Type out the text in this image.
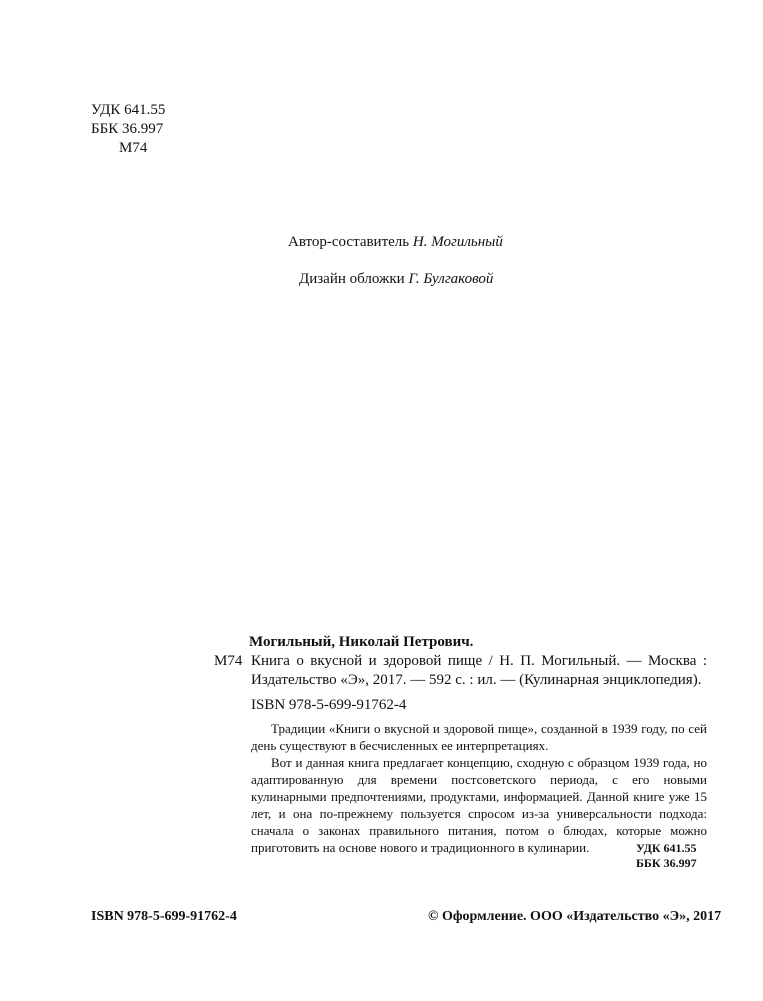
УДК 641.55
ББК 36.997
М74
Автор-составитель Н. Могильный
Дизайн обложки Г. Булгаковой
Могильный, Николай Петрович.
М74 Книга о вкусной и здоровой пище / Н. П. Могильный. — Москва : Издательство «Э», 2017. — 592 с. : ил. — (Кулинарная энциклопедия).
ISBN 978-5-699-91762-4

Традиции «Книги о вкусной и здоровой пище», созданной в 1939 году, по сей день существуют в бесчисленных ее интерпретациях.

Вот и данная книга предлагает концепцию, сходную с образцом 1939 года, но адаптированную для времени постсоветского периода, с его новыми кулинарными предпочтениями, продуктами, информацией. Данной книге уже 15 лет, и она по-прежнему пользуется спросом из-за универсальности подхода: сначала о законах правильного питания, потом о блюдах, которые можно приготовить на основе нового и традиционного в кулинарии.	УДК 641.55
ББК 36.997
ISBN 978-5-699-91762-4	© Оформление. ООО «Издательство «Э», 2017
